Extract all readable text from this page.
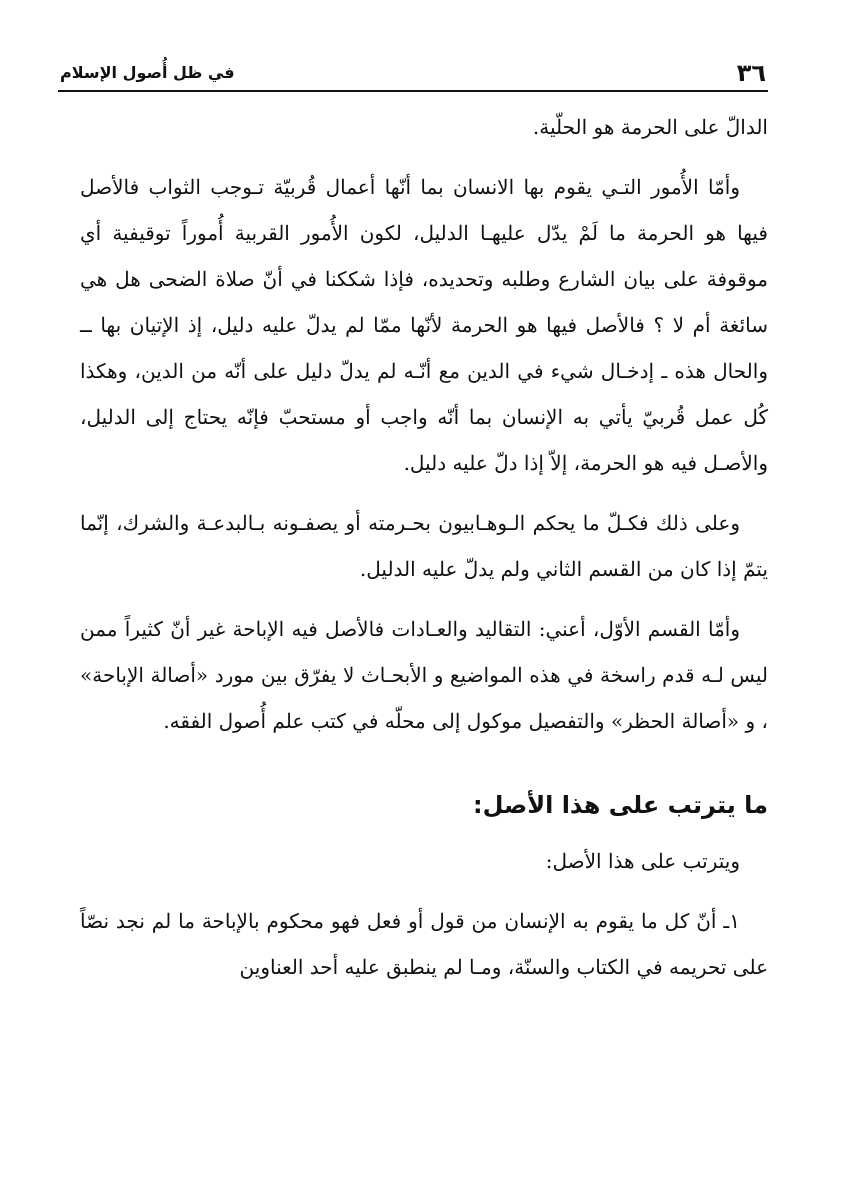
٣٦
في ظل أُصول الإسلام

الدالّ على الحرمة هو الحلّية.

وأمّا الأُمور التـي يقوم بها الانسان بما أنّها أعمال قُربيّة تـوجب الثواب فالأصل فيها هو الحرمة ما لَمْ يدّل عليهـا الدليل، لكون الأُمور القربية أُموراً توقيفية أي موقوفة على بيان الشارع وطلبه وتحديده، فإذا شككنا في أنّ صلاة الضحى هل هي سائغة أم لا ؟ فالأصل فيها هو الحرمة لأنّها ممّا لم يدلّ عليه دليل، إذ الإتيان بها ــ والحال هذه ـ إدخـال شيء في الدين مع أنّـه لم يدلّ دليل على أنّه من الدين، وهكذا كُل عمل قُربيّ يأتي به الإنسان بما أنّه واجب أو مستحبّ فإنّه يحتاج إلى الدليل، والأصـل فيه هو الحرمة، إلاّ إذا دلّ عليه دليل.

وعلى ذلك فكـلّ ما يحكم الـوهـابيون بحـرمته أو يصفـونه بـالبدعـة والشرك، إنّما يتمّ إذا كان من القسم الثاني ولم يدلّ عليه الدليل.

وأمّا القسم الأوّل، أعني: التقاليد والعـادات فالأصل فيه الإباحة غير أنّ كثيراً ممن ليس لـه قدم راسخة في هذه المواضيع و الأبحـاث لا يفرّق بين مورد «أصالة الإباحة» ، و «أصالة الحظر» والتفصيل موكول إلى محلّه في كتب علم أُصول الفقه.

ما يترتب على هذا الأصل:

ويترتب على هذا الأصل:

١ـ أنّ كل ما يقوم به الإنسان من قول أو فعل فهو محكوم بالإباحة ما لم نجد نصّاً على تحريمه في الكتاب والسنّة، ومـا لم ينطبق عليه أحد العناوين
